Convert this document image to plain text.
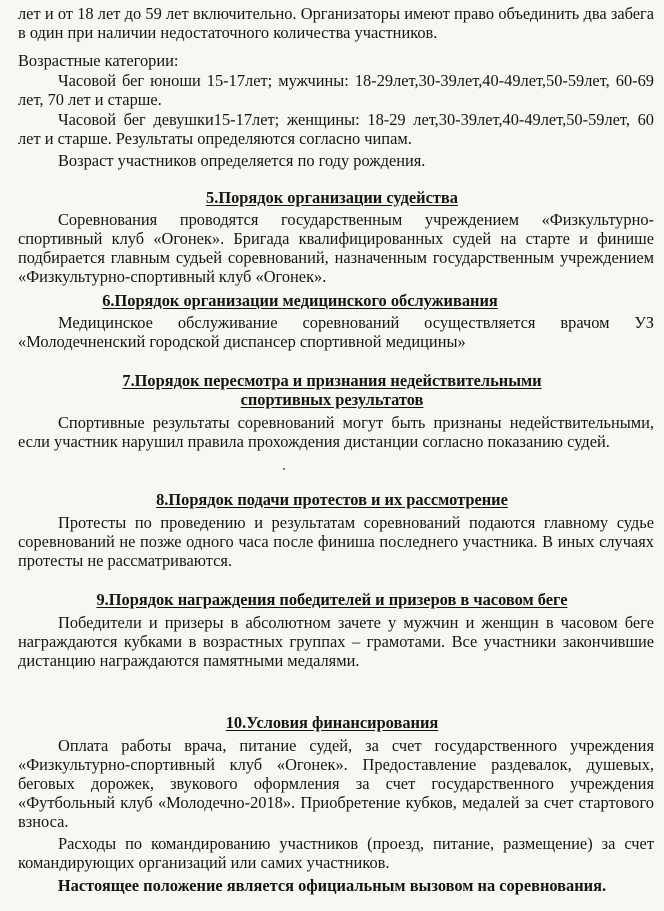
лет и от 18 лет до 59 лет включительно. Организаторы имеют право объединить два забега в один при наличии недостаточного количества участников.

Возрастные категории:

Часовой бег юноши 15-17лет; мужчины: 18-29лет,30-39лет,40-49лет,50-59лет, 60-69 лет, 70 лет и старше.

Часовой бег девушки15-17лет; женщины: 18-29 лет,30-39лет,40-49лет,50-59лет, 60 лет и старше. Результаты определяются согласно чипам.

Возраст участников определяется по году рождения.

5.Порядок организации судейства

Соревнования проводятся государственным учреждением «Физкультурно-спортивный клуб «Огонек». Бригада квалифицированных судей на старте и финише подбирается главным судьей соревнований, назначенным государственным учреждением «Физкультурно-спортивный клуб «Огонек».

6.Порядок организации медицинского обслуживания

Медицинское обслуживание соревнований осуществляется врачом УЗ «Молодечненский городской диспансер спортивной медицины»

7.Порядок пересмотра и признания недействительными
спортивных результатов

Спортивные результаты соревнований могут быть признаны недействительными, если участник нарушил правила прохождения дистанции согласно показанию судей.

8.Порядок подачи протестов и их рассмотрение

Протесты по проведению и результатам соревнований подаются главному судье соревнований не позже одного часа после финиша последнего участника. В иных случаях протесты не рассматриваются.

9.Порядок награждения победителей и призеров в часовом беге

Победители и призеры в абсолютном зачете у мужчин и женщин в часовом беге награждаются кубками в возрастных группах – грамотами. Все участники закончившие дистанцию награждаются памятными медалями.

10.Условия финансирования

Оплата работы врача, питание судей, за счет государственного учреждения «Физкультурно-спортивный клуб «Огонек». Предоставление раздевалок, душевых, беговых дорожек, звукового оформления за счет государственного учреждения «Футбольный клуб «Молодечно-2018». Приобретение кубков, медалей за счет стартового взноса.

Расходы по командированию участников (проезд, питание, размещение) за счет командирующих организаций или самих участников.

Настоящее положение является официальным вызовом на соревнования.
